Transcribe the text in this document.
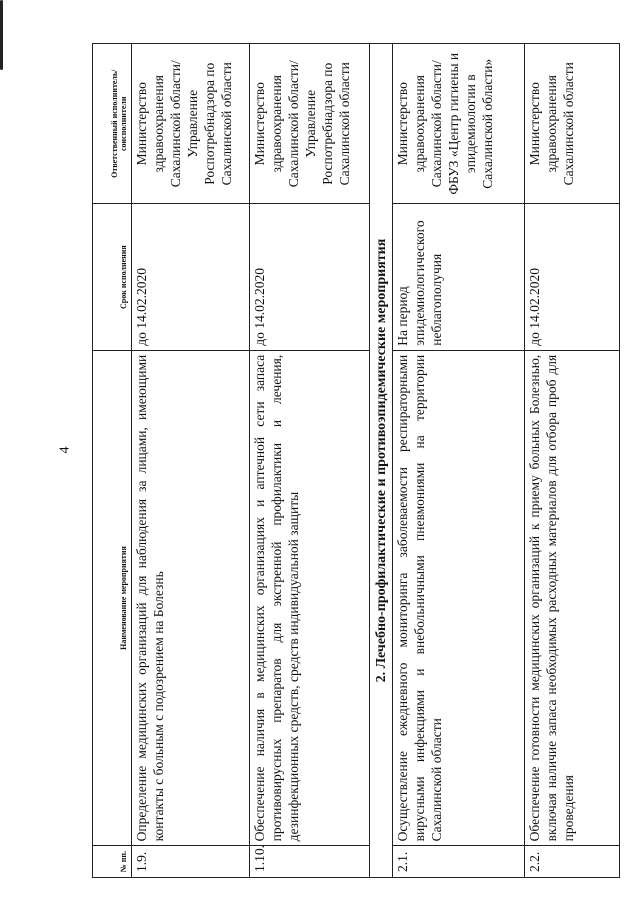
4
№ пп.	Наименование мероприятия	Срок исполнения	Ответственный исполнитель/соисполнители
1.9.	Определение медицинских организаций для наблюдения за лицами, имеющими контакты с больным с подозрением на Болезнь	до 14.02.2020	Министерство здравоохранения Сахалинской области/ Управление Роспотребнадзора по Сахалинской области
1.10.	Обеспечение наличия в медицинских организациях и аптечной сети запаса противовирусных препаратов для экстренной профилактики и лечения, дезинфекционных средств, средств индивидуальной защиты	до 14.02.2020	Министерство здравоохранения Сахалинской области/ Управление Роспотребнадзора по Сахалинской области
2. Лечебно-профилактические и противоэпидемические мероприятия			
2.1.	Осуществление ежедневного мониторинга заболеваемости респираторными вирусными инфекциями и внебольничными пневмониями на территории Сахалинской области	На период эпидемиологического неблагополучия	Министерство здравоохранения Сахалинской области/ ФБУЗ «Центр гигиены и эпидемиологии в Сахалинской области»
2.2.	Обеспечение готовности медицинских организаций к приему больных Болезнью, включая наличие запаса необходимых расходных материалов для отбора проб для проведения	до 14.02.2020	Министерство здравоохранения Сахалинской области
